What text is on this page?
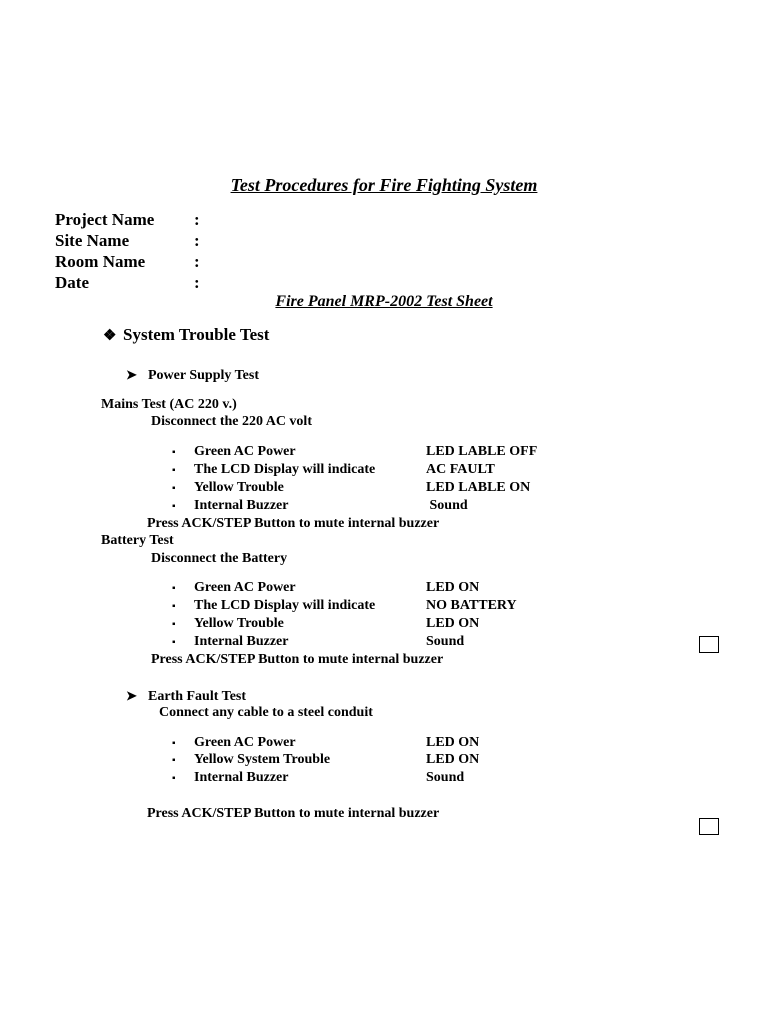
Test Procedures for Fire Fighting System
Project Name :
Site Name	:
Room Name	:
Date	:
Fire Panel MRP-2002 Test Sheet
❖ System Trouble Test
➤ Power Supply Test
Mains Test (AC 220 v.)
Disconnect the 220 AC volt
▪ Green AC Power	LED LABLE OFF
▪ The LCD Display will indicate	AC FAULT
▪ Yellow Trouble	LED LABLE ON
▪ Internal Buzzer	Sound
Press ACK/STEP Button to mute internal buzzer
Battery Test
Disconnect the Battery
▪ Green AC Power	LED ON
▪ The LCD Display will indicate	NO BATTERY
▪ Yellow Trouble	LED ON
▪ Internal Buzzer	Sound
Press ACK/STEP Button to mute internal buzzer
➤ Earth Fault Test
Connect any cable to a steel conduit
▪ Green AC Power	LED ON
▪ Yellow System Trouble	LED ON
▪ Internal Buzzer	Sound
Press ACK/STEP Button to mute internal buzzer
